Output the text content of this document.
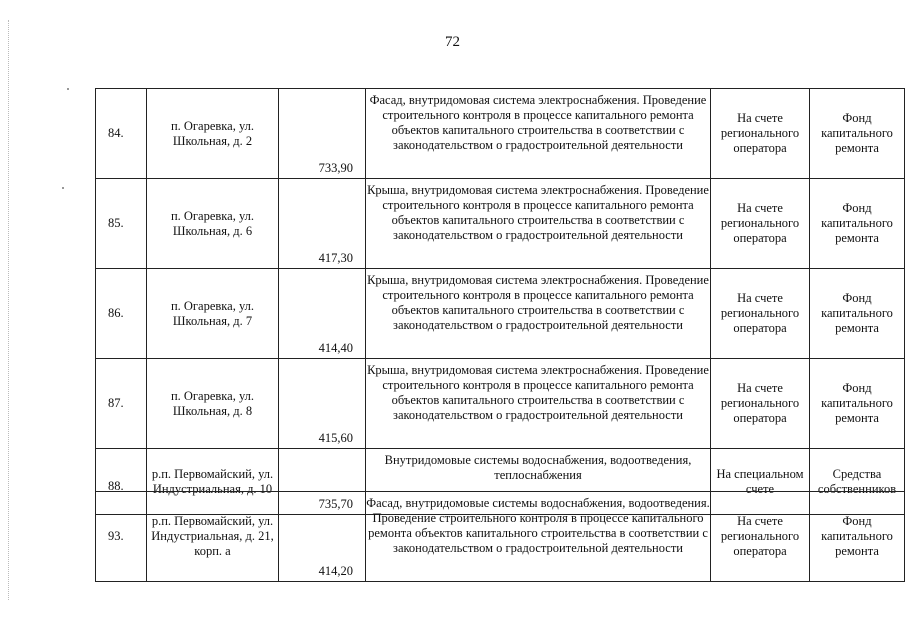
72
84.	п. Огаревка, ул. Школьная, д. 2	733,90	Фасад, внутридомовая система электроснабжения. Проведение строительного контроля в процессе капитального ремонта объектов капитального строительства в соответствии с законодательством о градостроительной деятельности	На счете регионального оператора	Фонд капитального ремонта
85.	п. Огаревка, ул. Школьная, д. 6	417,30	Крыша, внутридомовая система электроснабжения. Проведение строительного контроля в процессе капитального ремонта объектов капитального строительства в соответствии с законодательством о градостроительной деятельности	На счете регионального оператора	Фонд капитального ремонта
86.	п. Огаревка, ул. Школьная, д. 7	414,40	Крыша, внутридомовая система электроснабжения. Проведение строительного контроля в процессе капитального ремонта объектов капитального строительства в соответствии с законодательством о градостроительной деятельности	На счете регионального оператора	Фонд капитального ремонта
87.	п. Огаревка, ул. Школьная, д. 8	415,60	Крыша, внутридомовая система электроснабжения. Проведение строительного контроля в процессе капитального ремонта объектов капитального строительства в соответствии с законодательством о градостроительной деятельности	На счете регионального оператора	Фонд капитального ремонта
88.	р.п. Первомайский, ул. Индустриальная, д. 10	735,70	Внутридомовые системы водоснабжения, водоотведения, теплоснабжения	На специальном счете	Средства собственников
93.	р.п. Первомайский, ул. Индустриальная, д. 21, корп. а	414,20	Фасад, внутридомовые системы водоснабжения, водоотведения. Проведение строительного контроля в процессе капитального ремонта объектов капитального строительства в соответствии с законодательством о градостроительной деятельности	На счете регионального оператора	Фонд капитального ремонта
